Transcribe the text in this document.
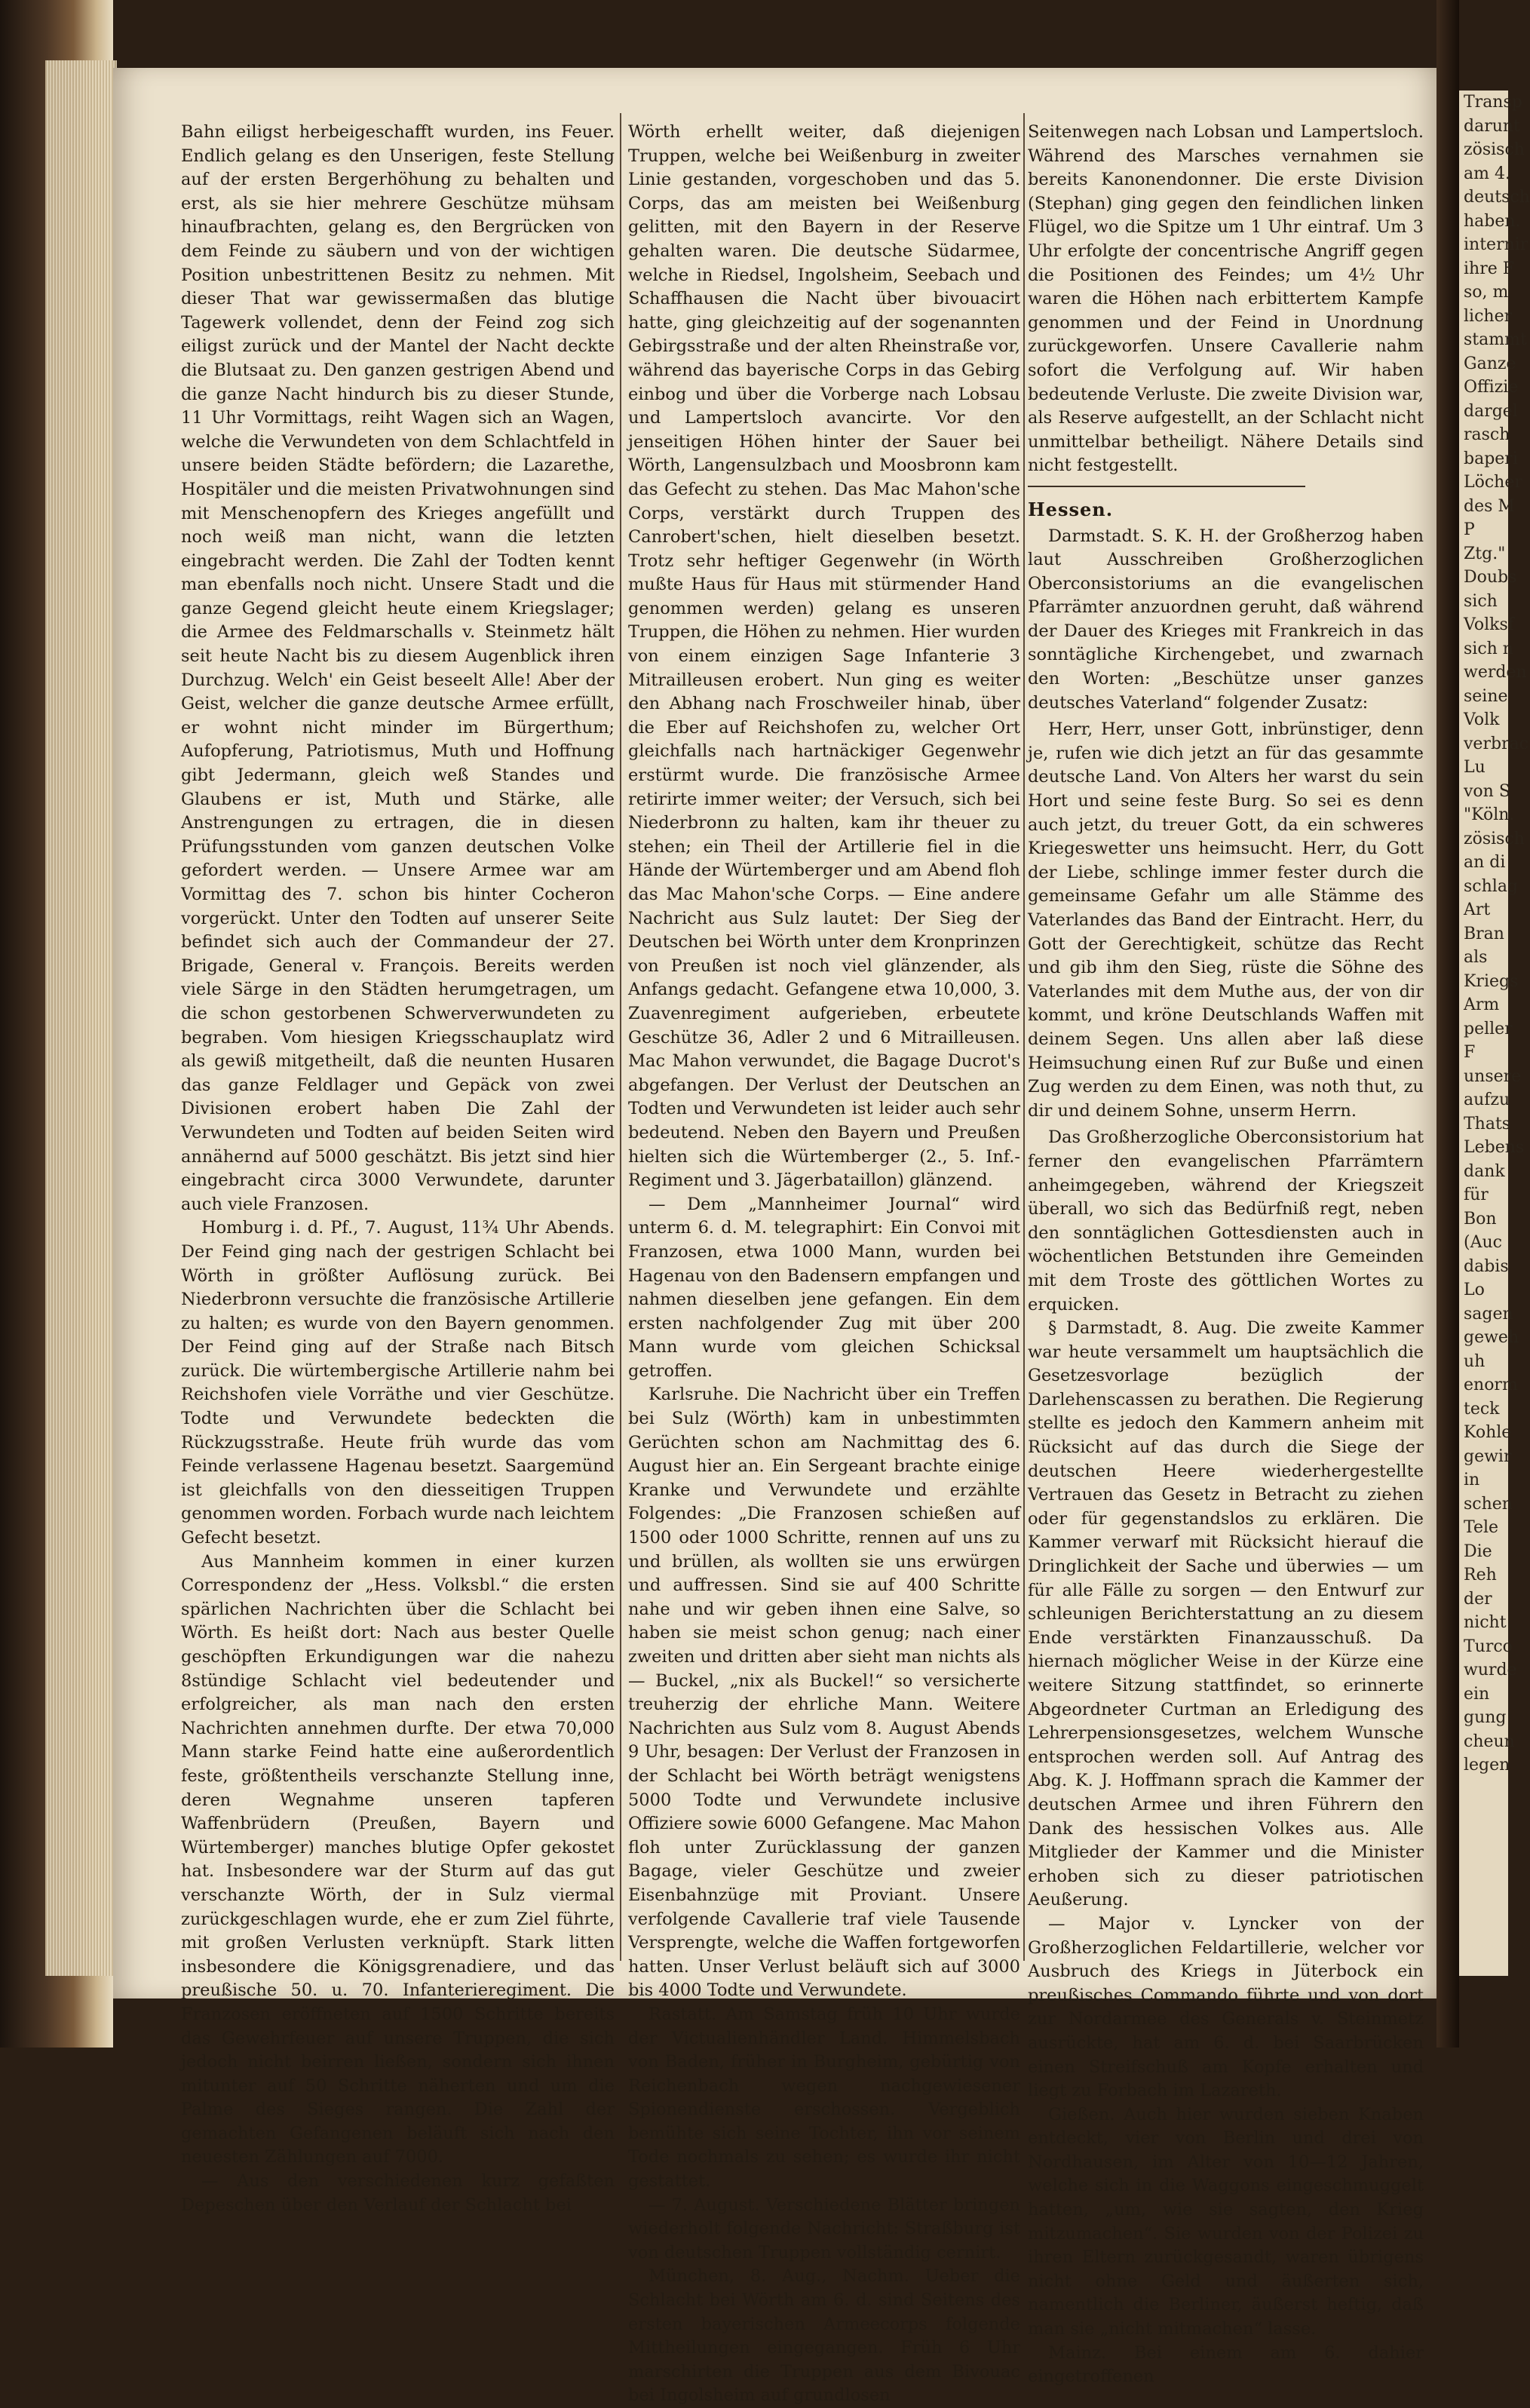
Bahn eiligst herbeigeschafft wurden, ins Feuer. Endlich gelang es den Unserigen, feste Stellung auf der ersten Bergerhöhung zu behalten und erst, als sie hier mehrere Geschütze mühsam hinaufbrachten, gelang es, den Bergrücken von dem Feinde zu säubern und von der wichtigen Position unbestrittenen Besitz zu nehmen. Mit dieser That war gewissermaßen das blutige Tagewerk vollendet, denn der Feind zog sich eiligst zurück und der Mantel der Nacht deckte die Blutsaat zu. Den ganzen gestrigen Abend und die ganze Nacht hindurch bis zu dieser Stunde, 11 Uhr Vormittags, reiht Wagen sich an Wagen, welche die Verwundeten von dem Schlachtfeld in unsere beiden Städte befördern; die Lazarethe, Hospitäler und die meisten Privatwohnungen sind mit Menschenopfern des Krieges angefüllt und noch weiß man nicht, wann die letzten eingebracht werden. Die Zahl der Todten kennt man ebenfalls noch nicht. Unsere Stadt und die ganze Gegend gleicht heute einem Kriegslager; die Armee des Feldmarschalls v. Steinmetz hält seit heute Nacht bis zu diesem Augenblick ihren Durchzug. Welch' ein Geist beseelt Alle! Aber der Geist, welcher die ganze deutsche Armee erfüllt, er wohnt nicht minder im Bürgerthum; Aufopferung, Patriotismus, Muth und Hoffnung gibt Jedermann, gleich weß Standes und Glaubens er ist, Muth und Stärke, alle Anstrengungen zu ertragen, die in diesen Prüfungsstunden vom ganzen deutschen Volke gefordert werden. — Unsere Armee war am Vormittag des 7. schon bis hinter Cocheron vorgerückt. Unter den Todten auf unserer Seite befindet sich auch der Commandeur der 27. Brigade, General v. François. Bereits werden viele Särge in den Städten herumgetragen, um die schon gestorbenen Schwerverwundeten zu begraben. Vom hiesigen Kriegsschauplatz wird als gewiß mitgetheilt, daß die neunten Husaren das ganze Feldlager und Gepäck von zwei Divisionen erobert haben Die Zahl der Verwundeten und Todten auf beiden Seiten wird annähernd auf 5000 geschätzt. Bis jetzt sind hier eingebracht circa 3000 Verwundete, darunter auch viele Franzosen.

Homburg i. d. Pf., 7. August, 11¾ Uhr Abends. Der Feind ging nach der gestrigen Schlacht bei Wörth in größter Auflösung zurück. Bei Niederbronn versuchte die französische Artillerie zu halten; es wurde von den Bayern genommen. Der Feind ging auf der Straße nach Bitsch zurück. Die würtembergische Artillerie nahm bei Reichshofen viele Vorräthe und vier Geschütze. Todte und Verwundete bedeckten die Rückzugsstraße. Heute früh wurde das vom Feinde verlassene Hagenau besetzt. Saargemünd ist gleichfalls von den diesseitigen Truppen genommen worden. Forbach wurde nach leichtem Gefecht besetzt.

Aus Mannheim kommen in einer kurzen Correspondenz der „Hess. Volksbl.“ die ersten spärlichen Nachrichten über die Schlacht bei Wörth. Es heißt dort: Nach aus bester Quelle geschöpften Erkundigungen war die nahezu 8stündige Schlacht viel bedeutender und erfolgreicher, als man nach den ersten Nachrichten annehmen durfte. Der etwa 70,000 Mann starke Feind hatte eine außerordentlich feste, größtentheils verschanzte Stellung inne, deren Wegnahme unseren tapferen Waffenbrüdern (Preußen, Bayern und Würtemberger) manches blutige Opfer gekostet hat. Insbesondere war der Sturm auf das gut verschanzte Wörth, der in Sulz viermal zurückgeschlagen wurde, ehe er zum Ziel führte, mit großen Verlusten verknüpft. Stark litten insbesondere die Königsgrenadiere, und das preußische 50. u. 70. Infanterieregiment. Die Franzosen eröffneten auf 1500 Schritte bereits das Gewehrfeuer auf unsere Truppen, die sich jedoch nicht beirren ließen, sondern sich ihnen mitunter auf 50 Schritte näherten und um die Palme des Sieges rangen. Die Zahl der gemachten Gefangenen beläuft sich nach den neuesten Zählungen auf 7000.

— Aus den verschiedenen kurz gefaßten Depeschen über den Verlauf der Schlacht bei

Wörth erhellt weiter, daß diejenigen Truppen, welche bei Weißenburg in zweiter Linie gestanden, vorgeschoben und das 5. Corps, das am meisten bei Weißenburg gelitten, mit den Bayern in der Reserve gehalten waren. Die deutsche Südarmee, welche in Riedsel, Ingolsheim, Seebach und Schaffhausen die Nacht über bivouacirt hatte, ging gleichzeitig auf der sogenannten Gebirgsstraße und der alten Rheinstraße vor, während das bayerische Corps in das Gebirg einbog und über die Vorberge nach Lobsau und Lampertsloch avancirte. Vor den jenseitigen Höhen hinter der Sauer bei Wörth, Langensulzbach und Moosbronn kam das Gefecht zu stehen. Das Mac Mahon'sche Corps, verstärkt durch Truppen des Canrobert'schen, hielt dieselben besetzt. Trotz sehr heftiger Gegenwehr (in Wörth mußte Haus für Haus mit stürmender Hand genommen werden) gelang es unseren Truppen, die Höhen zu nehmen. Hier wurden von einem einzigen Sage Infanterie 3 Mitrailleusen erobert. Nun ging es weiter den Abhang nach Froschweiler hinab, über die Eber auf Reichshofen zu, welcher Ort gleichfalls nach hartnäckiger Gegenwehr erstürmt wurde. Die französische Armee retirirte immer weiter; der Versuch, sich bei Niederbronn zu halten, kam ihr theuer zu stehen; ein Theil der Artillerie fiel in die Hände der Würtemberger und am Abend floh das Mac Mahon'sche Corps. — Eine andere Nachricht aus Sulz lautet: Der Sieg der Deutschen bei Wörth unter dem Kronprinzen von Preußen ist noch viel glänzender, als Anfangs gedacht. Gefangene etwa 10,000, 3. Zuavenregiment aufgerieben, erbeutete Geschütze 36, Adler 2 und 6 Mitrailleusen. Mac Mahon verwundet, die Bagage Ducrot's abgefangen. Der Verlust der Deutschen an Todten und Verwundeten ist leider auch sehr bedeutend. Neben den Bayern und Preußen hielten sich die Würtemberger (2., 5. Inf.-Regiment und 3. Jägerbataillon) glänzend.

— Dem „Mannheimer Journal“ wird unterm 6. d. M. telegraphirt: Ein Convoi mit Franzosen, etwa 1000 Mann, wurden bei Hagenau von den Badensern empfangen und nahmen dieselben jene gefangen. Ein dem ersten nachfolgender Zug mit über 200 Mann wurde vom gleichen Schicksal getroffen.

Karlsruhe. Die Nachricht über ein Treffen bei Sulz (Wörth) kam in unbestimmten Gerüchten schon am Nachmittag des 6. August hier an. Ein Sergeant brachte einige Kranke und Verwundete und erzählte Folgendes: „Die Franzosen schießen auf 1500 oder 1000 Schritte, rennen auf uns zu und brüllen, als wollten sie uns erwürgen und auffressen. Sind sie auf 400 Schritte nahe und wir geben ihnen eine Salve, so haben sie meist schon genug; nach einer zweiten und dritten aber sieht man nichts als — Buckel, „nix als Buckel!“ so versicherte treuherzig der ehrliche Mann. Weitere Nachrichten aus Sulz vom 8. August Abends 9 Uhr, besagen: Der Verlust der Franzosen in der Schlacht bei Wörth beträgt wenigstens 5000 Todte und Verwundete inclusive Offiziere sowie 6000 Gefangene. Mac Mahon floh unter Zurücklassung der ganzen Bagage, vieler Geschütze und zweier Eisenbahnzüge mit Proviant. Unsere verfolgende Cavallerie traf viele Tausende Versprengte, welche die Waffen fortgeworfen hatten. Unser Verlust beläuft sich auf 3000 bis 4000 Todte und Verwundete.

Rastatt. Am Samstag früh 10 Uhr wurde der Victualienhändler Land. Himmelsbach von Baden, früher in Burgheim, gebürtig von Reichenbach wegen nachgewiesener Spionendienste erschossen. Vergeblich bemühte sich seine Tochter, ihn vor seinem Tode nochmals zu sehen; es wurde ihr nicht gestattet.

— 7. August. Verschiedene Blätter bringen wiederholt folgende Nachricht: Straßburg ist von deutschen Truppen vollständig cernirt.

München, 8. Aug., Nachm. Ueber die Schlacht bei Wörth am 6. d. sind Seitens des ersten bayerischen Armeecorps folgende Mittheilungen eingegangen. Früh 6 Uhr marschirten die Truppen aus dem Bivouac bei Ingolsheim auf grundlosen

Seitenwegen nach Lobsan und Lampertsloch. Während des Marsches vernahmen sie bereits Kanonendonner. Die erste Division (Stephan) ging gegen den feindlichen linken Flügel, wo die Spitze um 1 Uhr eintraf. Um 3 Uhr erfolgte der concentrische Angriff gegen die Positionen des Feindes; um 4½ Uhr waren die Höhen nach erbittertem Kampfe genommen und der Feind in Unordnung zurückgeworfen. Unsere Cavallerie nahm sofort die Verfolgung auf. Wir haben bedeutende Verluste. Die zweite Division war, als Reserve aufgestellt, an der Schlacht nicht unmittelbar betheiligt. Nähere Details sind nicht festgestellt.

Hessen.

Darmstadt. S. K. H. der Großherzog haben laut Ausschreiben Großherzoglichen Oberconsistoriums an die evangelischen Pfarrämter anzuordnen geruht, daß während der Dauer des Krieges mit Frankreich in das sonntägliche Kirchengebet, und zwarnach den Worten: „Beschütze unser ganzes deutsches Vaterland“ folgender Zusatz:

Herr, Herr, unser Gott, inbrünstiger, denn je, rufen wie dich jetzt an für das gesammte deutsche Land. Von Alters her warst du sein Hort und seine feste Burg. So sei es denn auch jetzt, du treuer Gott, da ein schweres Kriegeswetter uns heimsucht. Herr, du Gott der Liebe, schlinge immer fester durch die gemeinsame Gefahr um alle Stämme des Vaterlandes das Band der Eintracht. Herr, du Gott der Gerechtigkeit, schütze das Recht und gib ihm den Sieg, rüste die Söhne des Vaterlandes mit dem Muthe aus, der von dir kommt, und kröne Deutschlands Waffen mit deinem Segen. Uns allen aber laß diese Heimsuchung einen Ruf zur Buße und einen Zug werden zu dem Einen, was noth thut, zu dir und deinem Sohne, unserm Herrn.

Das Großherzogliche Oberconsistorium hat ferner den evangelischen Pfarrämtern anheimgegeben, während der Kriegszeit überall, wo sich das Bedürfniß regt, neben den sonntäglichen Gottesdiensten auch in wöchentlichen Betstunden ihre Gemeinden mit dem Troste des göttlichen Wortes zu erquicken.

§ Darmstadt, 8. Aug. Die zweite Kammer war heute versammelt um hauptsächlich die Gesetzesvorlage bezüglich der Darlehenscassen zu berathen. Die Regierung stellte es jedoch den Kammern anheim mit Rücksicht auf das durch die Siege der deutschen Heere wiederhergestellte Vertrauen das Gesetz in Betracht zu ziehen oder für gegenstandslos zu erklären. Die Kammer verwarf mit Rücksicht hierauf die Dringlichkeit der Sache und überwies — um für alle Fälle zu sorgen — den Entwurf zur schleunigen Berichterstattung an zu diesem Ende verstärkten Finanzausschuß. Da hiernach möglicher Weise in der Kürze eine weitere Sitzung stattfindet, so erinnerte Abgeordneter Curtman an Erledigung des Lehrerpensionsgesetzes, welchem Wunsche entsprochen werden soll. Auf Antrag des Abg. K. J. Hoffmann sprach die Kammer der deutschen Armee und ihren Führern den Dank des hessischen Volkes aus. Alle Mitglieder der Kammer und die Minister erhoben sich zu dieser patriotischen Aeußerung.

— Major v. Lyncker von der Großherzoglichen Feldartillerie, welcher vor Ausbruch des Kriegs in Jüterbock ein preußisches Commando führte und von dort zur Nordarmee des Generals v. Steinmetz ausrückte, hat am 6. d. bei Saarbrücken einen Streifschuß am Kopfe erhalten und liegt zu Forbach im Lazareth.

Gießen. Auch hier wurden sieben Knaben entdeckt, vier von Berlin und drei von Nordhausen, im Alter von 10—12 Jahren, welche sich in die Waggons eingeschmuggelt hatten, „um, wie sie sagten, den Krieg mitzumachen“. Sie wurden von der Polizei zu ihren Eltern zurückgesandt, waren übrigens nicht ohne Geld und äußerten sich, namentlich die Berliner, äußerst heftig, daß man sie „nicht mitmachen“ lasse.

Mainz. Bei einem am 6. dahier eingetroffenen

Transp
darunt
zösisch
am 4.
deutsch
haben.
internir
ihre F
so, m
licher
stammt
Ganze
Offizie
dargel
rasch
baperi
Löcher
des M
P
Ztg."
Doubs
sich
Volksf
sich n
werden
seine
Volk
verbrac
Lu
von S
"Köln.
zösisch
an di
schlag
Art
Bran
als
Kriegs
Arm
peller
F
unsere
aufzu
Thats
Lebens
dank
für
Bon
(Auc
dabis
Lo
sagen
geweh
uh
enorm
teck
Kohle
gewir
in
schen
Tele
Die
Reh
der
nicht
Turco
wurde
ein
gung
cheun
legen
